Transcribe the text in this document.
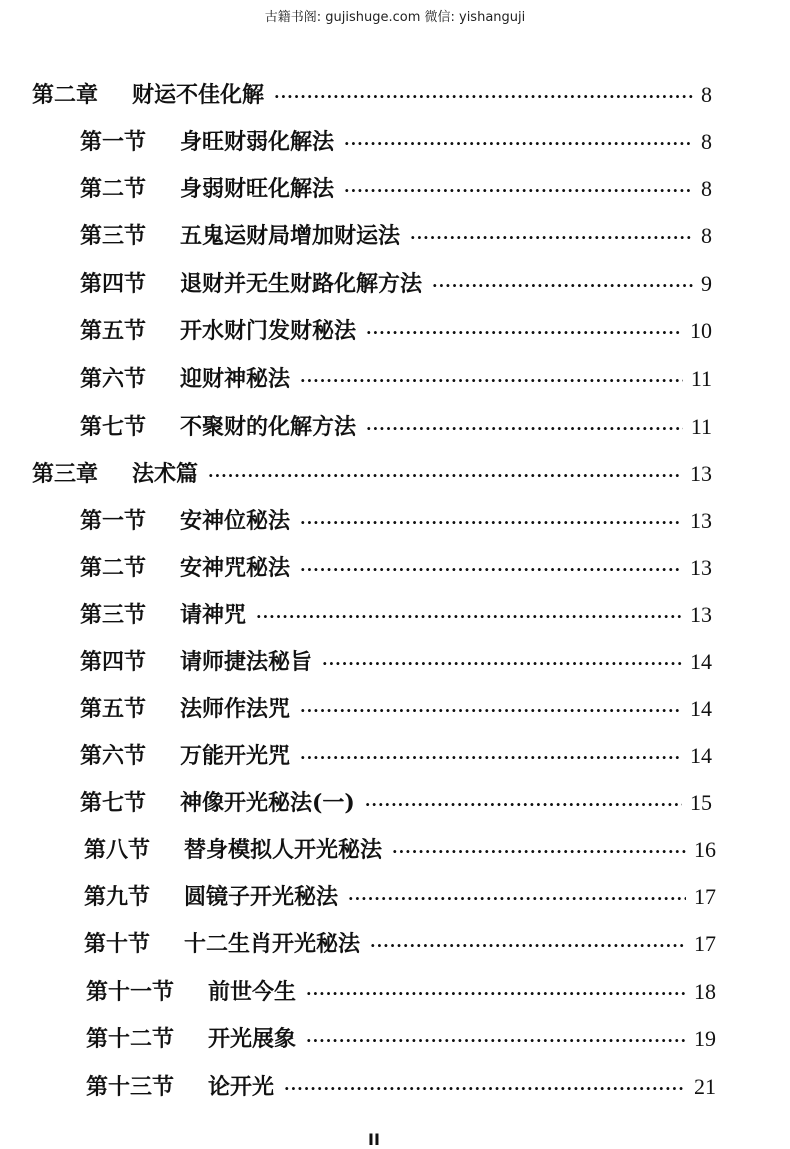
古籍书阁: gujishuge.com 微信: yishanguji
第二章	财运不佳化解 ·····	8
第一节	身旺财弱化解法 ·····	8
第二节	身弱财旺化解法 ·····	8
第三节	五鬼运财局增加财运法 ·····	8
第四节	退财并无生财路化解方法 ·····	9
第五节	开水财门发财秘法 ·····	10
第六节	迎财神秘法 ·····	11
第七节	不聚财的化解方法 ·····	11
第三章	法术篇 ·····	13
第一节	安神位秘法 ·····	13
第二节	安神咒秘法 ·····	13
第三节	请神咒 ·····	13
第四节	请师捷法秘旨 ·····	14
第五节	法师作法咒 ·····	14
第六节	万能开光咒 ·····	14
第七节	神像开光秘法(一) ·····	15
第八节	替身模拟人开光秘法 ·····	16
第九节	圆镜子开光秘法 ·····	17
第十节	十二生肖开光秘法 ·····	17
第十一节	前世今生 ·····	18
第十二节	开光展象 ·····	19
第十三节	论开光 ·····	21
II
